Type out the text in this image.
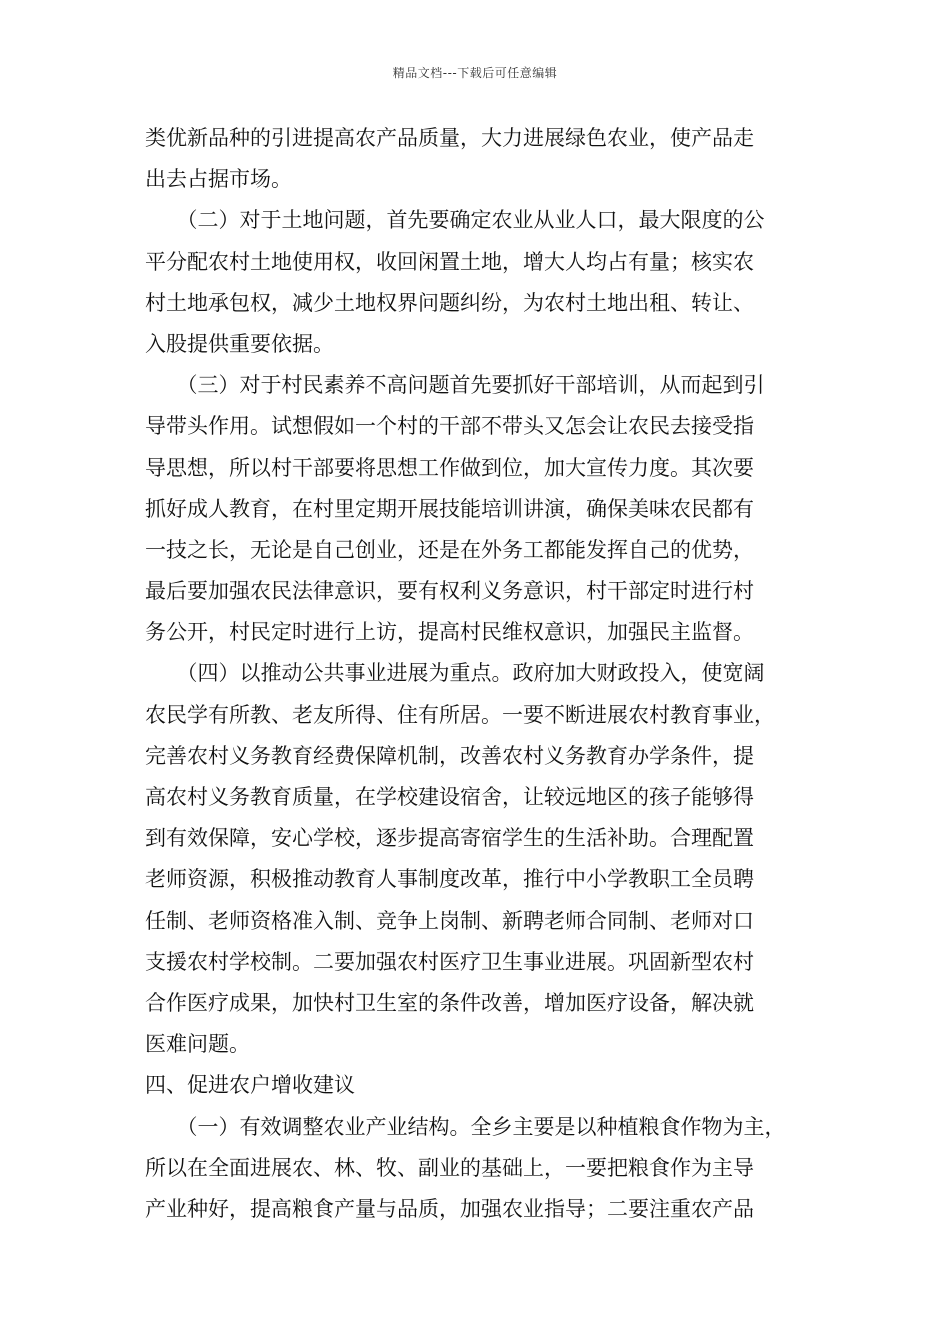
精品文档---下载后可任意编辑
类优新品种的引进提高农产品质量，大力进展绿色农业，使产品走
出去占据市场。
　　（二）对于土地问题，首先要确定农业从业人口，最大限度的公
平分配农村土地使用权，收回闲置土地，增大人均占有量；核实农
村土地承包权，减少土地权界问题纠纷，为农村土地出租、转让、
入股提供重要依据。
　　（三）对于村民素养不高问题首先要抓好干部培训，从而起到引
导带头作用。试想假如一个村的干部不带头又怎会让农民去接受指
导思想，所以村干部要将思想工作做到位，加大宣传力度。其次要
抓好成人教育，在村里定期开展技能培训讲演，确保美味农民都有
一技之长，无论是自己创业，还是在外务工都能发挥自己的优势，
最后要加强农民法律意识，要有权利义务意识，村干部定时进行村
务公开，村民定时进行上访，提高村民维权意识，加强民主监督。
　　（四）以推动公共事业进展为重点。政府加大财政投入，使宽阔
农民学有所教、老友所得、住有所居。一要不断进展农村教育事业，
完善农村义务教育经费保障机制，改善农村义务教育办学条件，提
高农村义务教育质量，在学校建设宿舍，让较远地区的孩子能够得
到有效保障，安心学校，逐步提高寄宿学生的生活补助。合理配置
老师资源，积极推动教育人事制度改革，推行中小学教职工全员聘
任制、老师资格准入制、竞争上岗制、新聘老师合同制、老师对口
支援农村学校制。二要加强农村医疗卫生事业进展。巩固新型农村
合作医疗成果，加快村卫生室的条件改善，增加医疗设备，解决就
医难问题。
四、促进农户增收建议
　　（一）有效调整农业产业结构。全乡主要是以种植粮食作物为主，
所以在全面进展农、林、牧、副业的基础上，一要把粮食作为主导
产业种好，提高粮食产量与品质，加强农业指导；二要注重农产品
